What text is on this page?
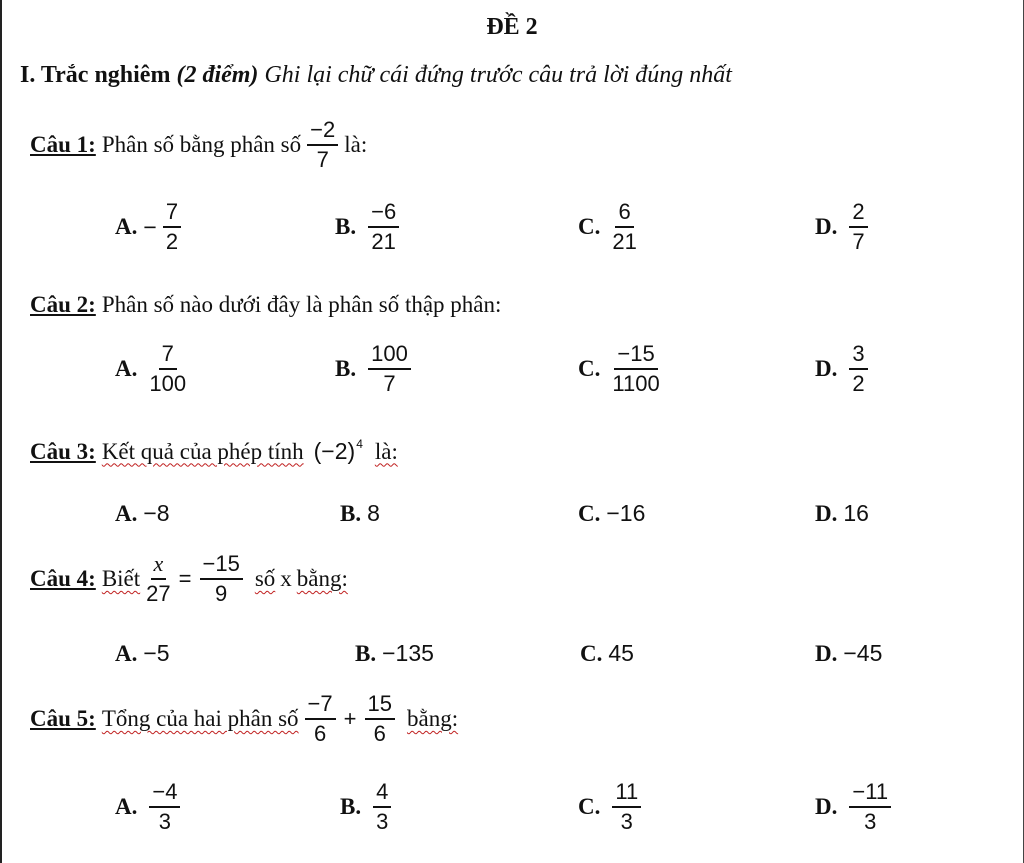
ĐỀ 2
I. Trắc nghiêm (2 điểm) Ghi lại chữ cái đứng trước câu trả lời đúng nhất
Câu 1: Phân số bằng phân số $\frac{-2}{7}$ là:
A. − $\frac{7}{2}$	B. $\frac{-6}{21}$	C. $\frac{6}{21}$	D. $\frac{2}{7}$
Câu 2: Phân số nào dưới đây là phân số thập phân:
A. $\frac{7}{100}$	B. $\frac{100}{7}$	C. $\frac{-15}{1100}$	D. $\frac{3}{2}$
Câu 3: Kết quả của phép tính (−2) 4 là:
A. −8	B. 8	C. −16	D. 16
Câu 4: Biết $\frac{x}{27} = \frac{-15}{9}$ số x bằng:
A. −5	B. −135	C. 45	D. −45
Câu 5: Tổng của hai phân số $\frac{-7}{6} + \frac{15}{6}$ bằng:
A. $\frac{-4}{3}$	B. $\frac{4}{3}$	C. $\frac{11}{3}$	D. $\frac{-11}{3}$
